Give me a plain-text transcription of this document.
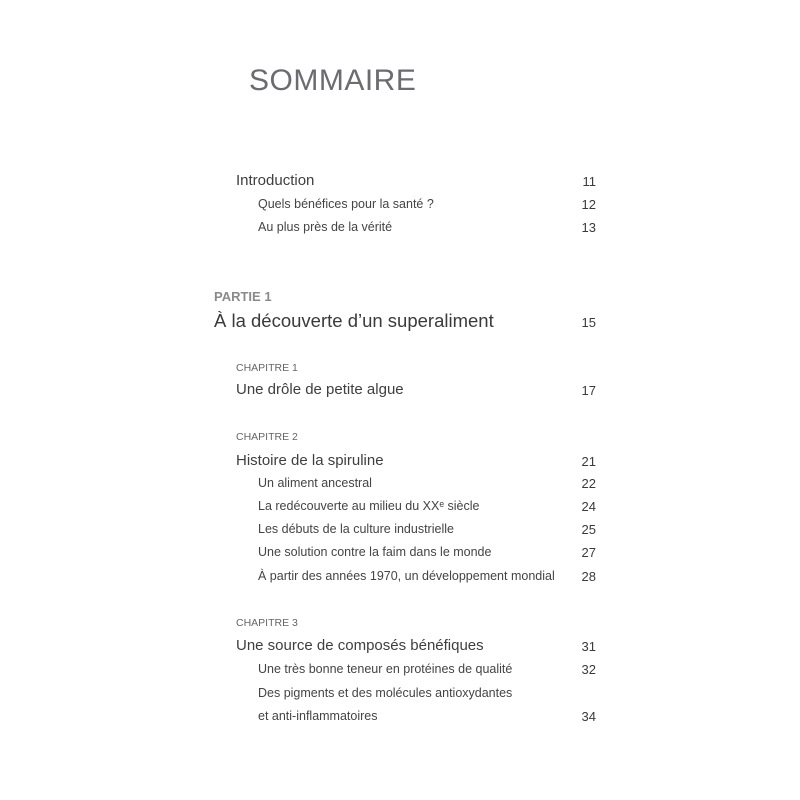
SOMMAIRE
Introduction	11
Quels bénéfices pour la santé ?	12
Au plus près de la vérité	13
PARTIE 1
À la découverte d’un superaliment	15
CHAPITRE 1
Une drôle de petite algue	17
CHAPITRE 2
Histoire de la spiruline	21
Un aliment ancestral	22
La redécouverte au milieu du XXᵉ siècle	24
Les débuts de la culture industrielle	25
Une solution contre la faim dans le monde	27
À partir des années 1970, un développement mondial 28
CHAPITRE 3
Une source de composés bénéfiques	31
Une très bonne teneur en protéines de qualité	32
Des pigments et des molécules antioxydantes
et anti-inflammatoires	34
